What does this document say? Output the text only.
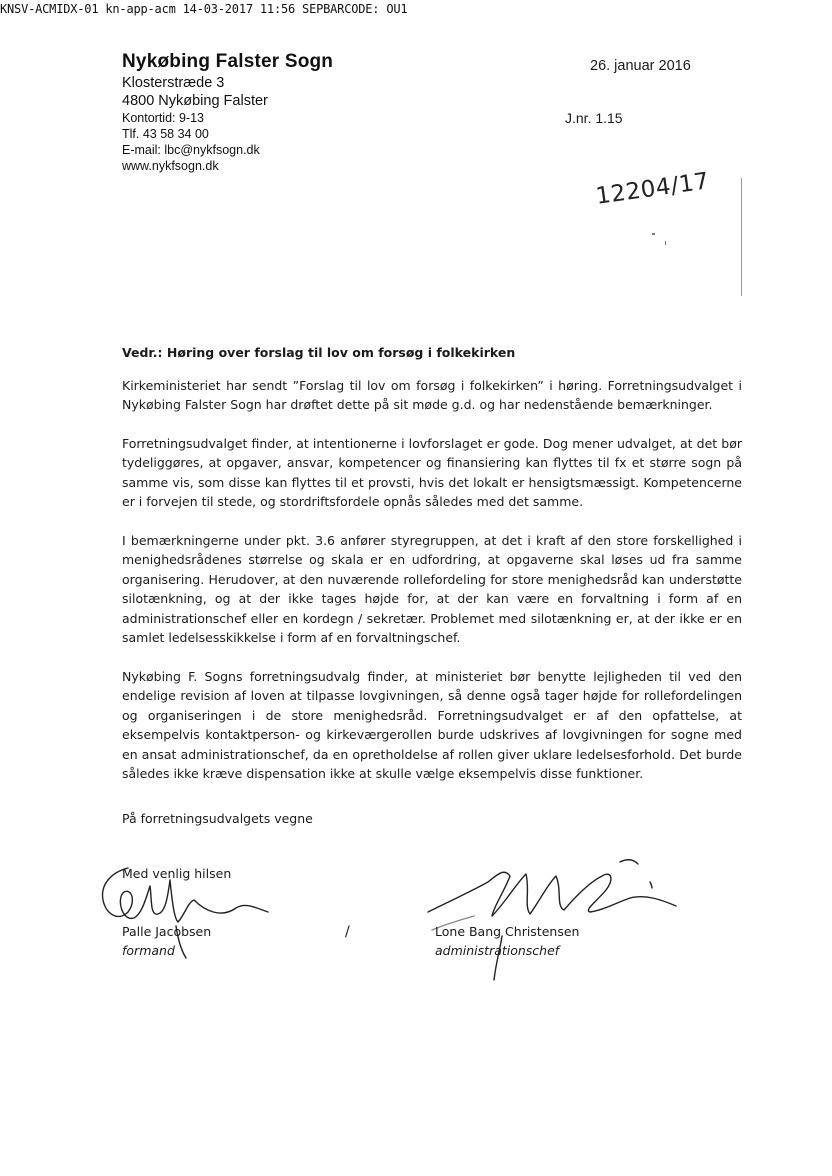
KNSV-ACMIDX-01 kn-app-acm 14-03-2017 11:56 SEPBARCODE: OU1
Nykøbing Falster Sogn
Klosterstræde 3
4800 Nykøbing Falster
Kontortid: 9-13
Tlf. 43 58 34 00
E-mail: lbc@nykfsogn.dk
www.nykfsogn.dk
26. januar 2016
J.nr. 1.15
12204/17
Vedr.: Høring over forslag til lov om forsøg i folkekirken

Kirkeministeriet har sendt ”Forslag til lov om forsøg i folkekirken” i høring. Forretningsudvalget i Nykøbing Falster Sogn har drøftet dette på sit møde g.d. og har nedenstående bemærkninger.

Forretningsudvalget finder, at intentionerne i lovforslaget er gode. Dog mener udvalget, at det bør tydeliggøres, at opgaver, ansvar, kompetencer og finansiering kan flyttes til fx et større sogn på samme vis, som disse kan flyttes til et provsti, hvis det lokalt er hensigtsmæssigt. Kompetencerne er i forvejen til stede, og stordriftsfordele opnås således med det samme.

I bemærkningerne under pkt. 3.6 anfører styregruppen, at det i kraft af den store forskellighed i menighedsrådenes størrelse og skala er en udfordring, at opgaverne skal løses ud fra samme organisering. Herudover, at den nuværende rollefordeling for store menighedsråd kan understøtte silotænkning, og at der ikke tages højde for, at der kan være en forvaltning i form af en administrationschef eller en kordegn / sekretær. Problemet med silotænkning er, at der ikke er en samlet ledelsesskikkelse i form af en forvaltningschef.

Nykøbing F. Sogns forretningsudvalg finder, at ministeriet bør benytte lejligheden til ved den endelige revision af loven at tilpasse lovgivningen, så denne også tager højde for rollefordelingen og organiseringen i de store menighedsråd. Forretningsudvalget er af den opfattelse, at eksempelvis kontaktperson- og kirkeværgerollen burde udskrives af lovgivningen for sogne med en ansat administrationschef, da en opretholdelse af rollen giver uklare ledelsesforhold. Det burde således ikke kræve dispensation ikke at skulle vælge eksempelvis disse funktioner.

På forretningsudvalgets vegne
Med venlig hilsen
Palle Jacobsen
formand
/	Lone Bang Christensen
administrationschef
